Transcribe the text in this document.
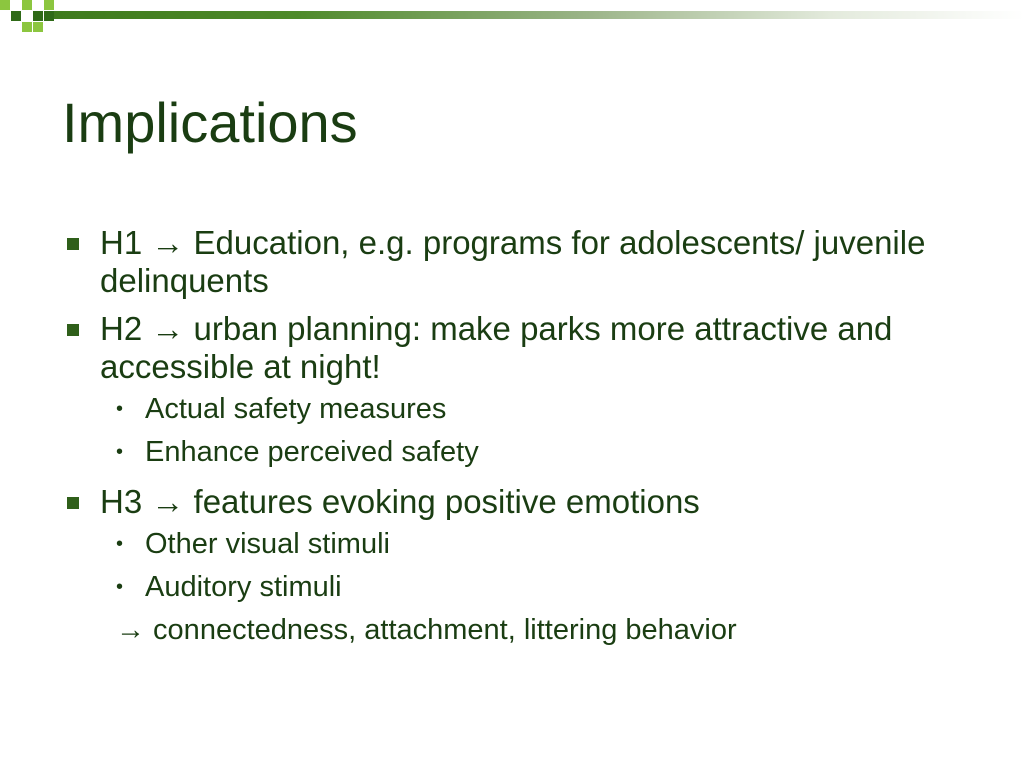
Implications
H1 → Education, e.g. programs for adolescents/ juvenile delinquents
H2 → urban planning: make parks more attractive and accessible at night!
• Actual safety measures
• Enhance perceived safety
H3 → features evoking positive emotions
• Other visual stimuli
• Auditory stimuli
→ connectedness, attachment, littering behavior
